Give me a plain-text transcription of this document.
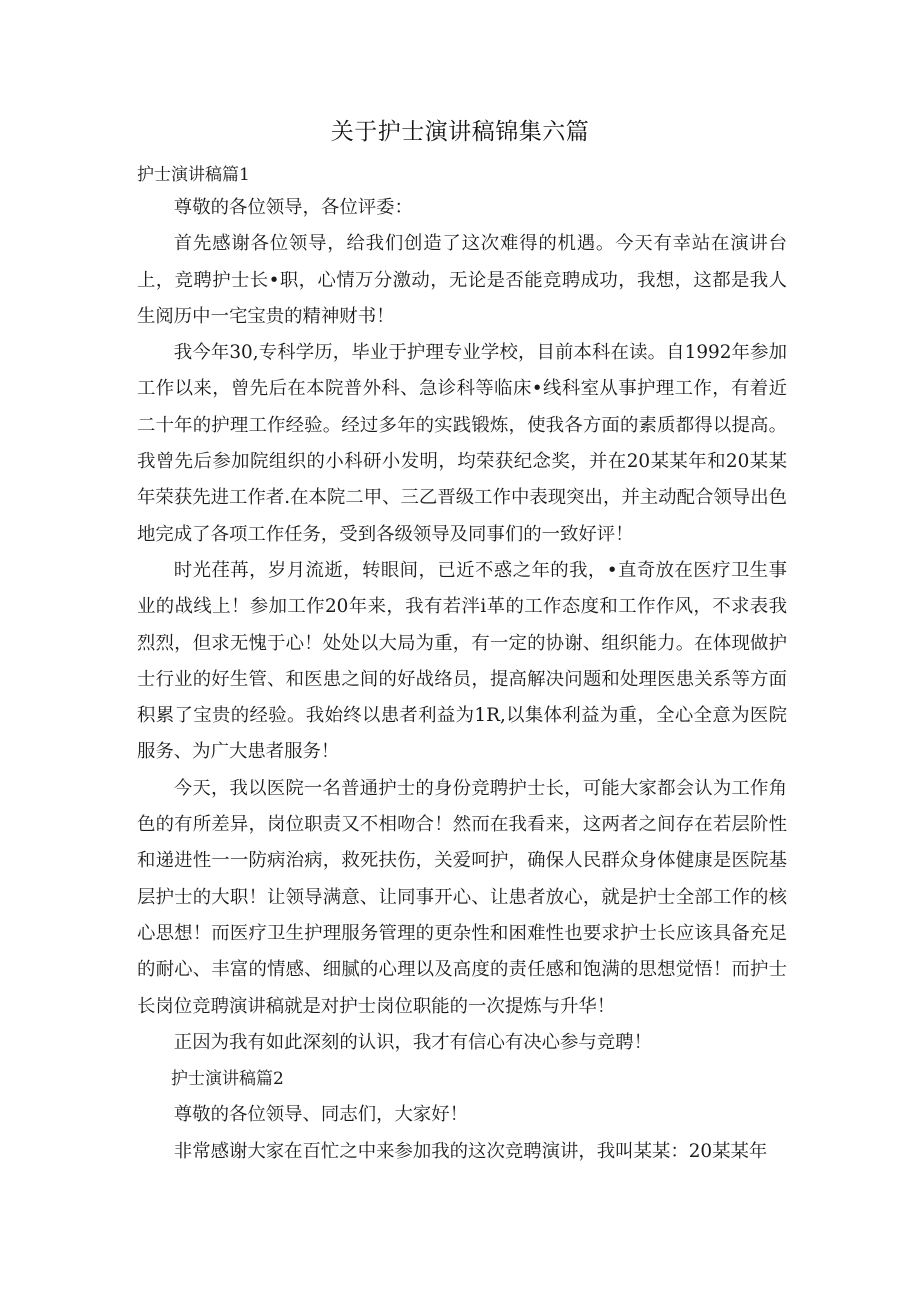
关于护士演讲稿锦集六篇
护士演讲稿篇1

尊敬的各位领导，各位评委：

首先感谢各位领导，给我们创造了这次难得的机遇。今天有幸站在演讲台上，竞聘护士长•职，心情万分激动，无论是否能竞聘成功，我想，这都是我人生阅历中一宅宝贵的精神财书！

我今年30,专科学历，毕业于护理专业学校，目前本科在读。自1992年参加工作以来，曾先后在本院普外科、急诊科等临床•线科室从事护理工作，有着近二十年的护理工作经验。经过多年的实践锻炼，使我各方面的素质都得以提高。我曾先后参加院组织的小科研小发明，均荣获纪念奖，并在20某某年和20某某年荣获先进工作者.在本院二甲、三乙晋级工作中表现突出，并主动配合领导出色地完成了各项工作任务，受到各级领导及同事们的一致好评！

时光荏苒，岁月流逝，转眼间，已近不惑之年的我，•直奇放在医疗卫生事业的战线上！参加工作20年来，我有若泮i革的工作态度和工作作风，不求表我烈烈，但求无愧于心！处处以大局为重，有一定的协谢、组织能力。在体现做护士行业的好生管、和医患之间的好战络员，提高解决问题和处理医患关系等方面积累了宝贵的经验。我始终以患者利益为1R,以集体利益为重，全心全意为医院服务、为广大患者服务！

今天，我以医院一名普通护士的身份竞聘护士长，可能大家都会认为工作角色的有所差异，岗位职责又不相吻合！然而在我看来，这两者之间存在若层阶性和递进性一一防病治病，救死扶伤，关爱呵护，确保人民群众身体健康是医院基层护士的大职！让领导满意、让同事开心、让患者放心，就是护士全部工作的核心思想！而医疗卫生护理服务管理的更杂性和困难性也要求护士长应该具备充足的耐心、丰富的情感、细腻的心理以及高度的责任感和饱满的思想觉悟！而护士长岗位竞聘演讲稿就是对护士岗位职能的一次提炼与升华！

正因为我有如此深刻的认识，我才有信心有决心参与竞聘！

护士演讲稿篇2

尊敬的各位领导、同志们，大家好！

非常感谢大家在百忙之中来参加我的这次竞聘演讲，我叫某某：20某某年
